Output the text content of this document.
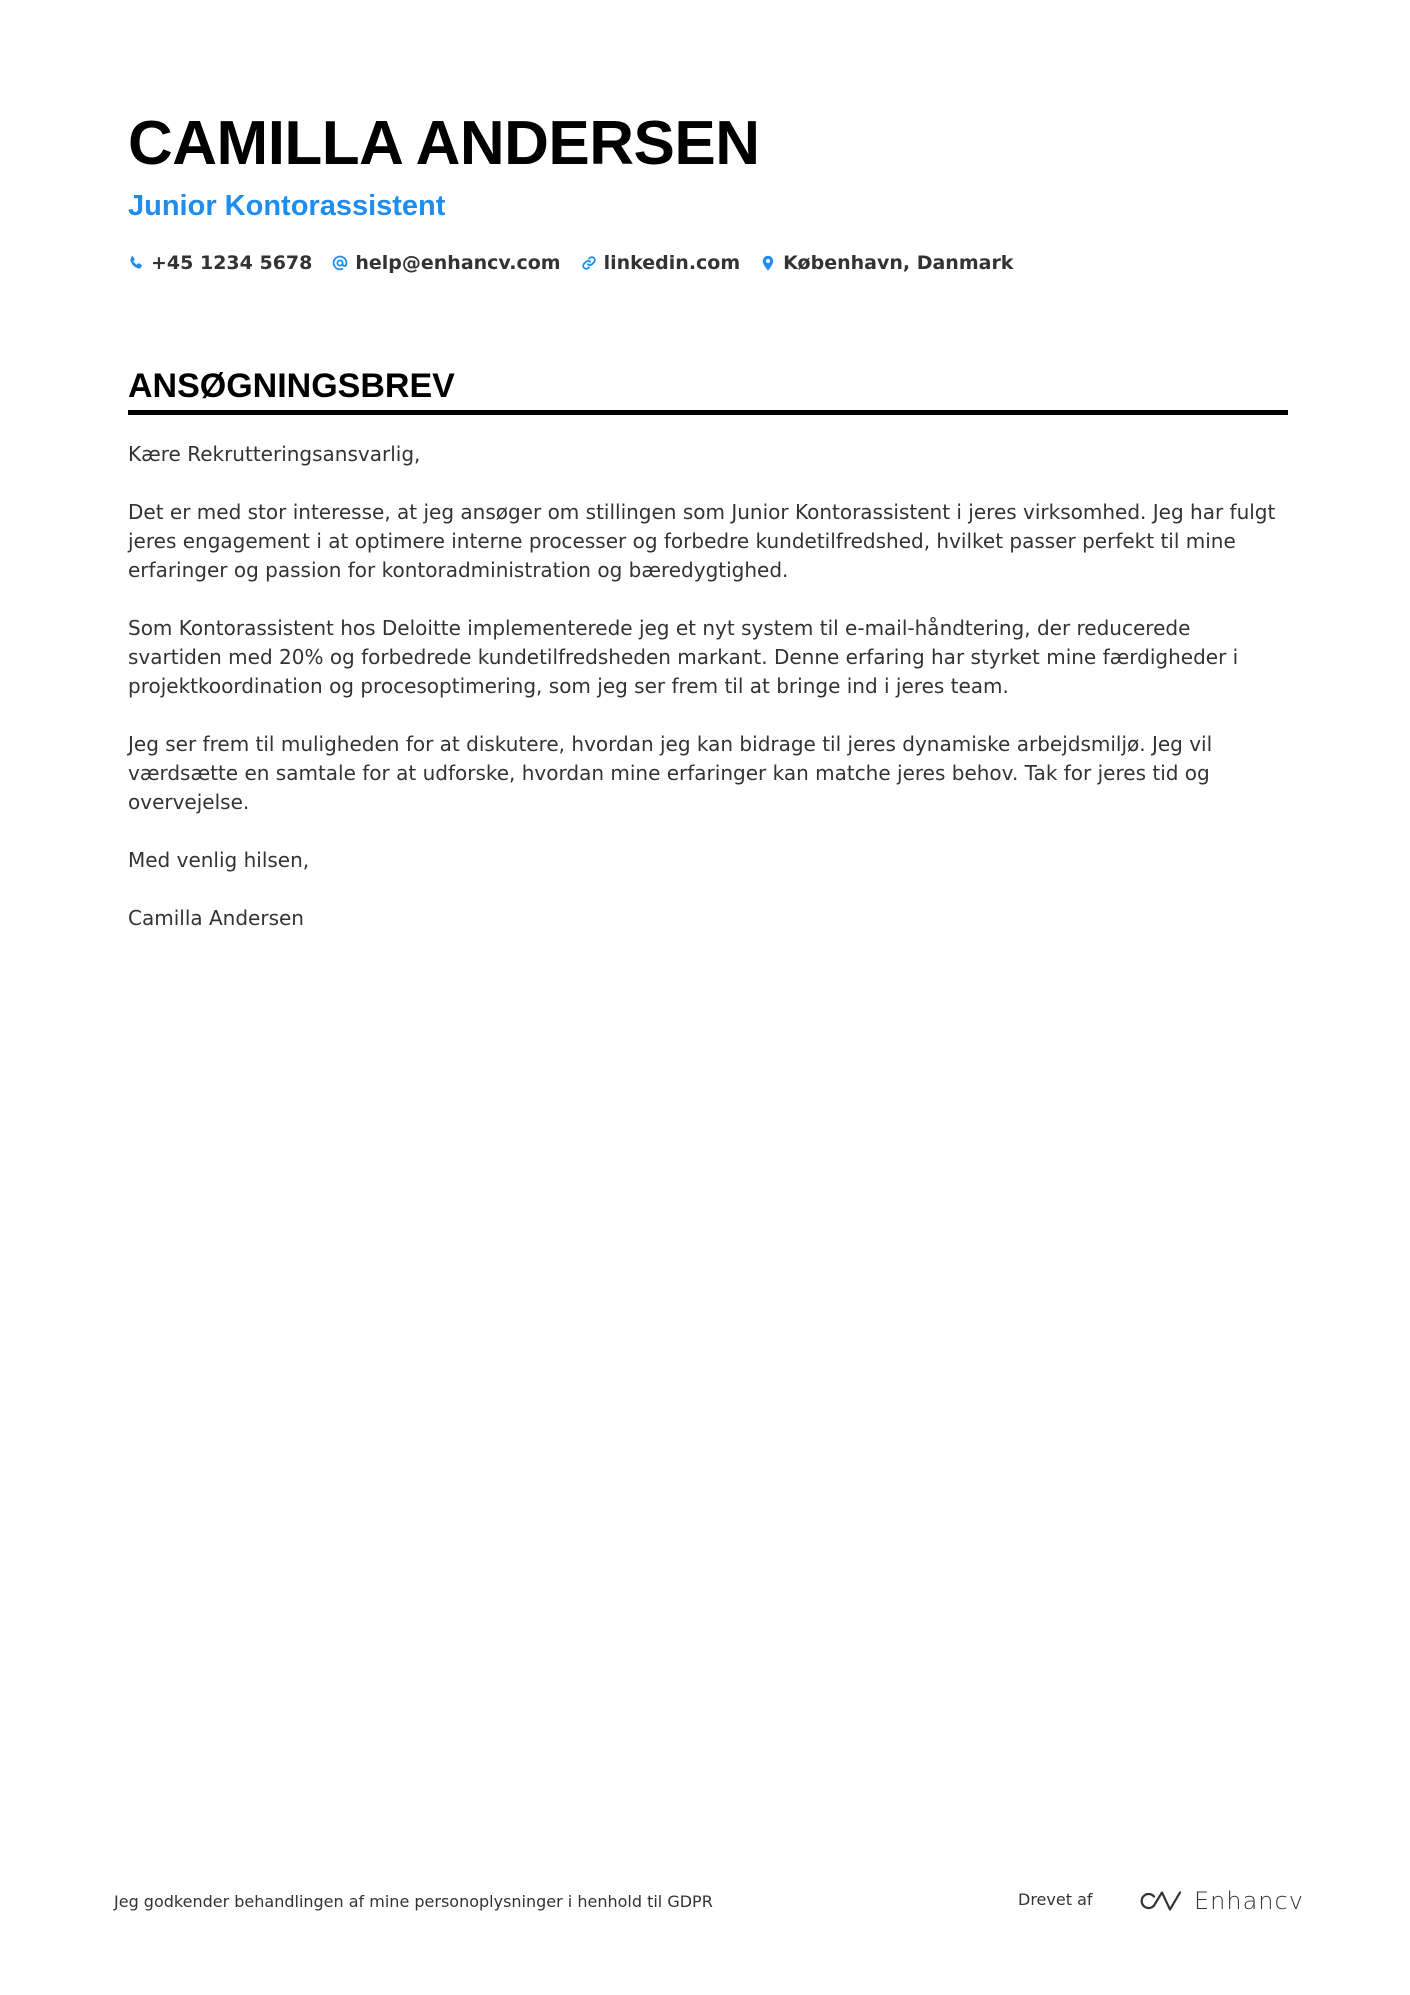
CAMILLA ANDERSEN
Junior Kontorassistent
+45 1234 5678 help@enhancv.com linkedin.com København, Danmark
ANSØGNINGSBREV

Kære Rekrutteringsansvarlig,

Det er med stor interesse, at jeg ansøger om stillingen som Junior Kontorassistent i jeres virksomhed. Jeg har fulgt jeres engagement i at optimere interne processer og forbedre kundetilfredshed, hvilket passer perfekt til mine erfaringer og passion for kontoradministration og bæredygtighed.

Som Kontorassistent hos Deloitte implementerede jeg et nyt system til e-mail-håndtering, der reducerede svartiden med 20% og forbedrede kundetilfredsheden markant. Denne erfaring har styrket mine færdigheder i projektkoordination og procesoptimering, som jeg ser frem til at bringe ind i jeres team.

Jeg ser frem til muligheden for at diskutere, hvordan jeg kan bidrage til jeres dynamiske arbejdsmiljø. Jeg vil værdsætte en samtale for at udforske, hvordan mine erfaringer kan matche jeres behov. Tak for jeres tid og overvejelse.

Med venlig hilsen,

Camilla Andersen

Jeg godkender behandlingen af mine personoplysninger i henhold til GDPR	Drevet af	Enhancv
